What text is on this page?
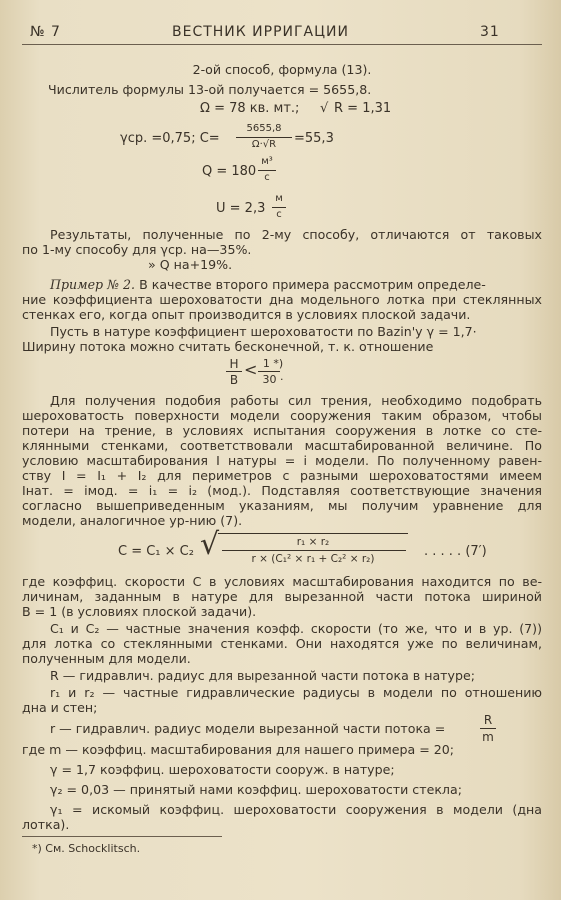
№ 7	ВЕСТНИК ИРРИГАЦИИ	31
2-ой способ, формула (13).
Числитель формулы 13-ой получается = 5655,8.
Ω = 78 кв. мт.; √ R = 1,31
γср. =0,75; C=
5655,8
Ω·√R	=55,3
Q = 180
м³
с
U = 2,3
м
с
Результаты, полученные по 2-му способу, отличаются от таковых
по 1-му способу для γср. на—35%.
» Q на+19%.
Пример № 2. В качестве второго примера рассмотрим определе-
ние коэффициента шероховатости дна модельного лотка при стеклянных
стенках его, когда опыт производится в условиях плоской задачи.
Пусть в натуре коэффициент шероховатости по Bazin'у γ = 1,7·
Ширину потока можно считать бесконечной, т. к. отношение
H
B
< 1 *)
30 ·
Для получения подобия работы сил трения, необходимо подобрать
шероховатость поверхности модели сооружения таким образом, чтобы
потери на трение, в условиях испытания сооружения в лотке со сте-
клянными стенками, соответствовали масштабированной величине. По
условию масштабирования I натуры = i модели. По полученному равен-
ству I = I₁ + I₂ для периметров с разными шероховатостями имеем
Iнат. = iмод. = i₁ = i₂ (мод.). Подставляя соответствующие значения
согласно вышеприведенным указаниям, мы получим уравнение для
модели, аналогичное ур-нию (7).
C = C₁ × C₂ √	r₁ × r₂
r × (C₁² × r₁ + C₂² × r₂)	. . . . . (7′)
где коэффиц. скорости C в условиях масштабирования находится по ве-
личинам, заданным в натуре для вырезанной части потока шириной
B = 1 (в условиях плоской задачи).
C₁ и C₂ — частные значения коэфф. скорости (то же, что и в ур. (7))
для лотка со стеклянными стенками. Они находятся уже по величинам,
полученным для модели.
R — гидравлич. радиус для вырезанной части потока в натуре;
r₁ и r₂ — частные гидравлические радиусы в модели по отношению
дна и стен;
r — гидравлич. радиус модели вырезанной части потока =
R
m
где m — коэффиц. масштабирования для нашего примера = 20;
γ = 1,7 коэффиц. шероховатости сооруж. в натуре;
γ₂ = 0,03 — принятый нами коэффиц. шероховатости стекла;
γ₁ = искомый коэффиц. шероховатости сооружения в модели (дна
лотка).
*) См. Schocklitsch.
